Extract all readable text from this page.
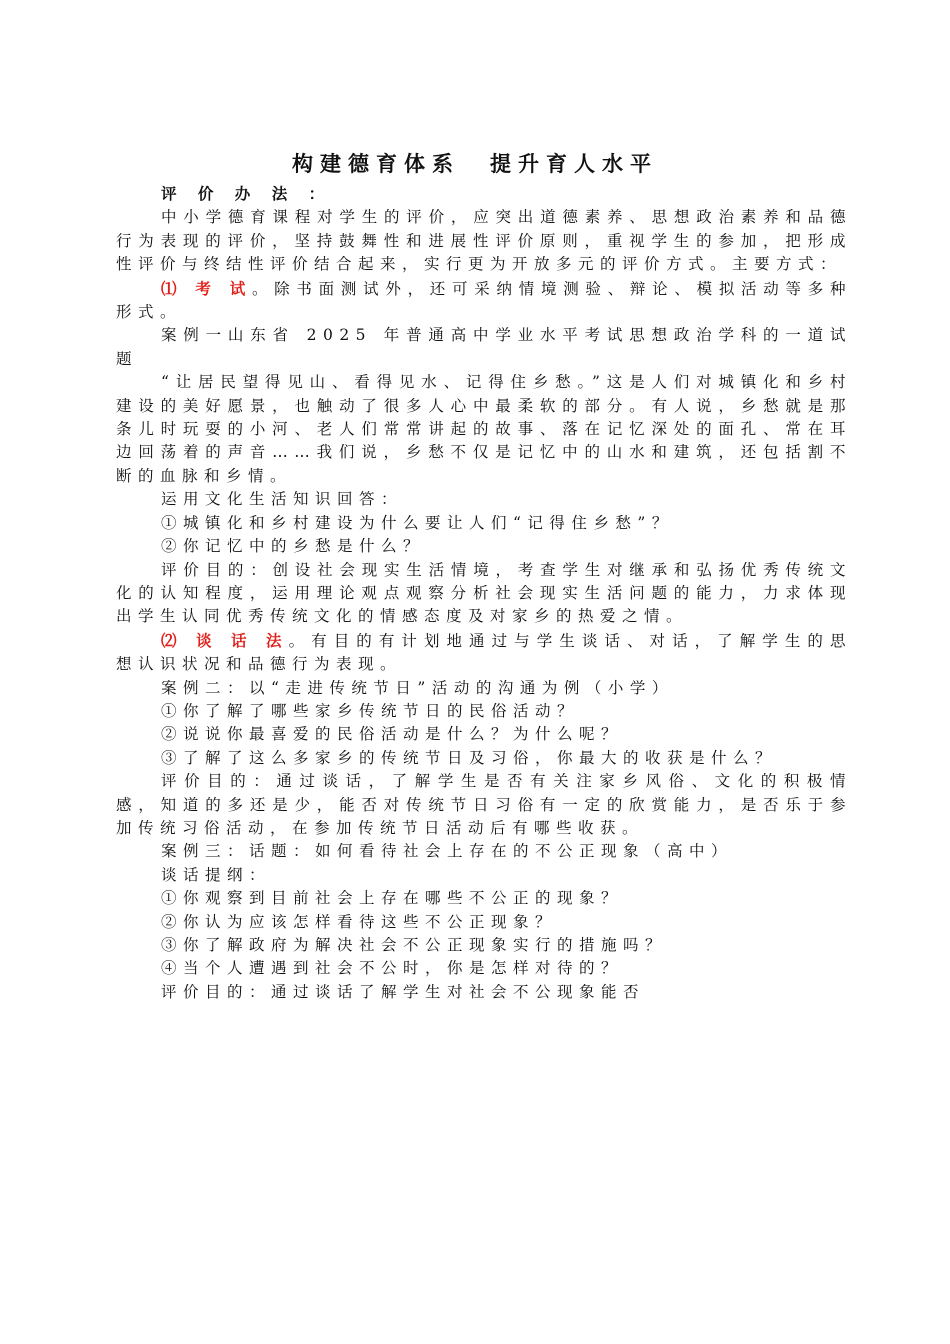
构建德育体系 提升育人水平

评 价 办 法 ：

中小学德育课程对学生的评价，应突出道德素养、思想政治素养和品德行为表现的评价，坚持鼓舞性和进展性评价原则，重视学生的参加，把形成性评价与终结性评价结合起来，实行更为开放多元的评价方式。主要方式：

⑴ 考 试。除书面测试外，还可采纳情境测验、辩论、模拟活动等多种形式。

案例一山东省 2025 年普通高中学业水平考试思想政治学科的一道试题

“让居民望得见山、看得见水、记得住乡愁。”这是人们对城镇化和乡村建设的美好愿景，也触动了很多人心中最柔软的部分。有人说，乡愁就是那条儿时玩耍的小河、老人们常常讲起的故事、落在记忆深处的面孔、常在耳边回荡着的声音……我们说，乡愁不仅是记忆中的山水和建筑，还包括割不断的血脉和乡情。

运用文化生活知识回答：

①城镇化和乡村建设为什么要让人们“记得住乡愁”？

②你记忆中的乡愁是什么？

评价目的：创设社会现实生活情境，考查学生对继承和弘扬优秀传统文化的认知程度，运用理论观点观察分析社会现实生活问题的能力，力求体现出学生认同优秀传统文化的情感态度及对家乡的热爱之情。

⑵ 谈 话 法。有目的有计划地通过与学生谈话、对话，了解学生的思想认识状况和品德行为表现。

案例二：以“走进传统节日”活动的沟通为例（小学）

①你了解了哪些家乡传统节日的民俗活动？

②说说你最喜爱的民俗活动是什么？为什么呢？

③了解了这么多家乡的传统节日及习俗，你最大的收获是什么？

评价目的：通过谈话，了解学生是否有关注家乡风俗、文化的积极情感，知道的多还是少，能否对传统节日习俗有一定的欣赏能力，是否乐于参加传统习俗活动，在参加传统节日活动后有哪些收获。

案例三：话题：如何看待社会上存在的不公正现象（高中）

谈话提纲：

①你观察到目前社会上存在哪些不公正的现象？

②你认为应该怎样看待这些不公正现象？

③你了解政府为解决社会不公正现象实行的措施吗？

④当个人遭遇到社会不公时，你是怎样对待的？

评价目的：通过谈话了解学生对社会不公现象能否
